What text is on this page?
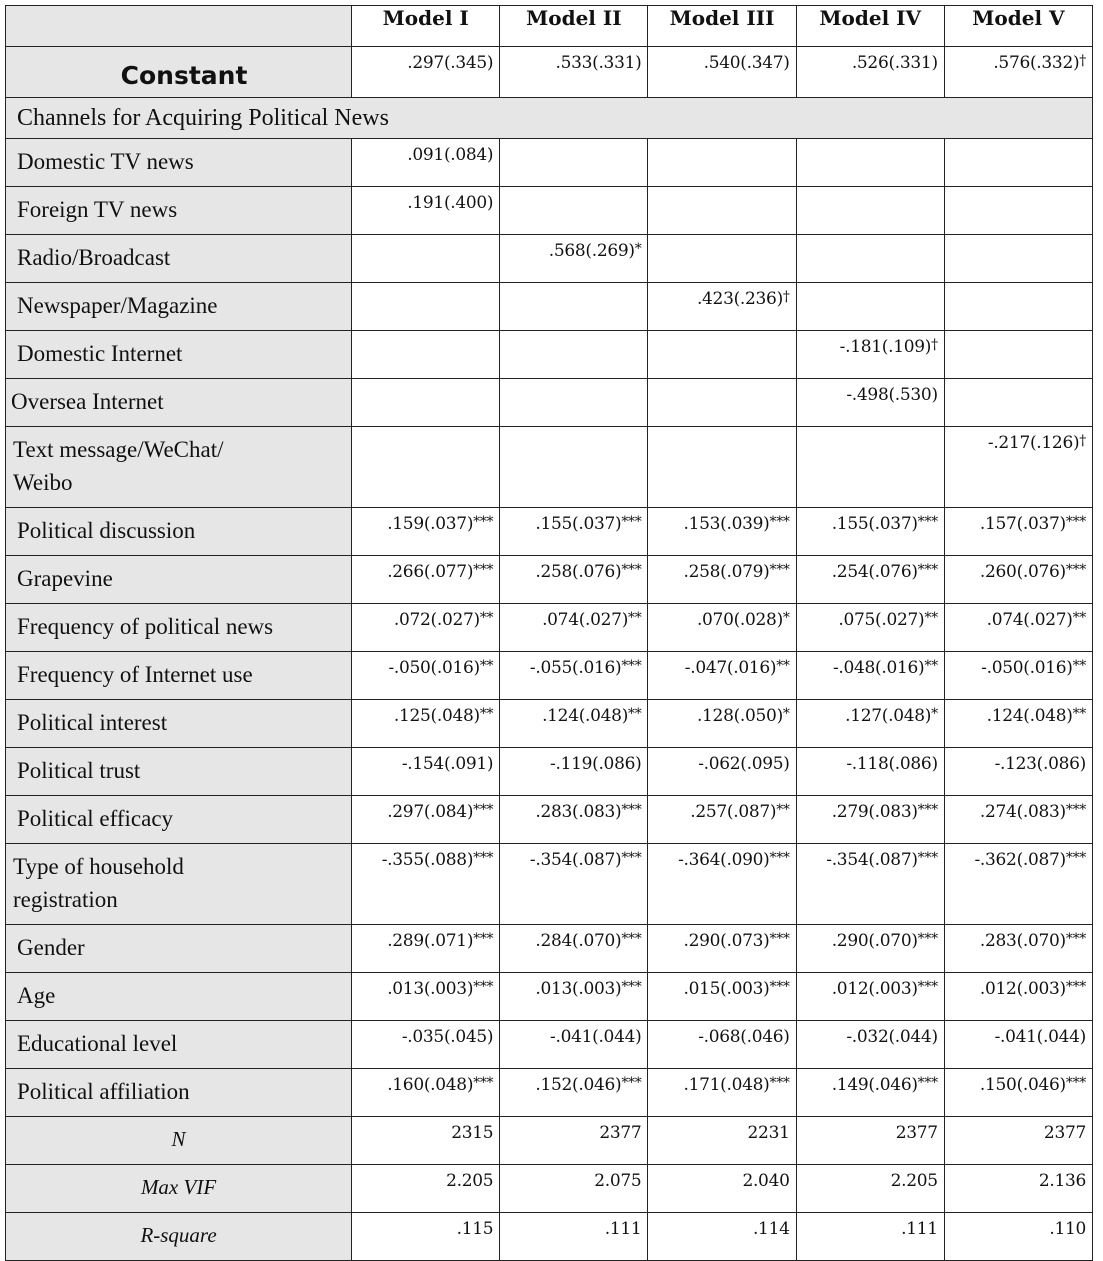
	Model I	Model II	Model III	Model IV	Model V
Constant	.297(.345)	.533(.331)	.540(.347)	.526(.331)	.576(.332)†
Channels for Acquiring Political News					
Domestic TV news	.091(.084)				
Foreign TV news	.191(.400)				
Radio/Broadcast		.568(.269)*			
Newspaper/Magazine			.423(.236)†		
Domestic Internet				-.181(.109)†	
Oversea Internet				-.498(.530)	
Text message/WeChat/
Weibo					-.217(.126)†
Political discussion	.159(.037)***	.155(.037)***	.153(.039)***	.155(.037)***	.157(.037)***
Grapevine	.266(.077)***	.258(.076)***	.258(.079)***	.254(.076)***	.260(.076)***
Frequency of political news	.072(.027)**	.074(.027)**	.070(.028)*	.075(.027)**	.074(.027)**
Frequency of Internet use	-.050(.016)**	-.055(.016)***	-.047(.016)**	-.048(.016)**	-.050(.016)**
Political interest	.125(.048)**	.124(.048)**	.128(.050)*	.127(.048)*	.124(.048)**
Political trust	-.154(.091)	-.119(.086)	-.062(.095)	-.118(.086)	-.123(.086)
Political efficacy	.297(.084)***	.283(.083)***	.257(.087)**	.279(.083)***	.274(.083)***
Type of household
registration	-.355(.088)***	-.354(.087)***	-.364(.090)***	-.354(.087)***	-.362(.087)***
Gender	.289(.071)***	.284(.070)***	.290(.073)***	.290(.070)***	.283(.070)***
Age	.013(.003)***	.013(.003)***	.015(.003)***	.012(.003)***	.012(.003)***
Educational level	-.035(.045)	-.041(.044)	-.068(.046)	-.032(.044)	-.041(.044)
Political affiliation	.160(.048)***	.152(.046)***	.171(.048)***	.149(.046)***	.150(.046)***
N	2315	2377	2231	2377	2377
Max VIF	2.205	2.075	2.040	2.205	2.136
R-square	.115	.111	.114	.111	.110
